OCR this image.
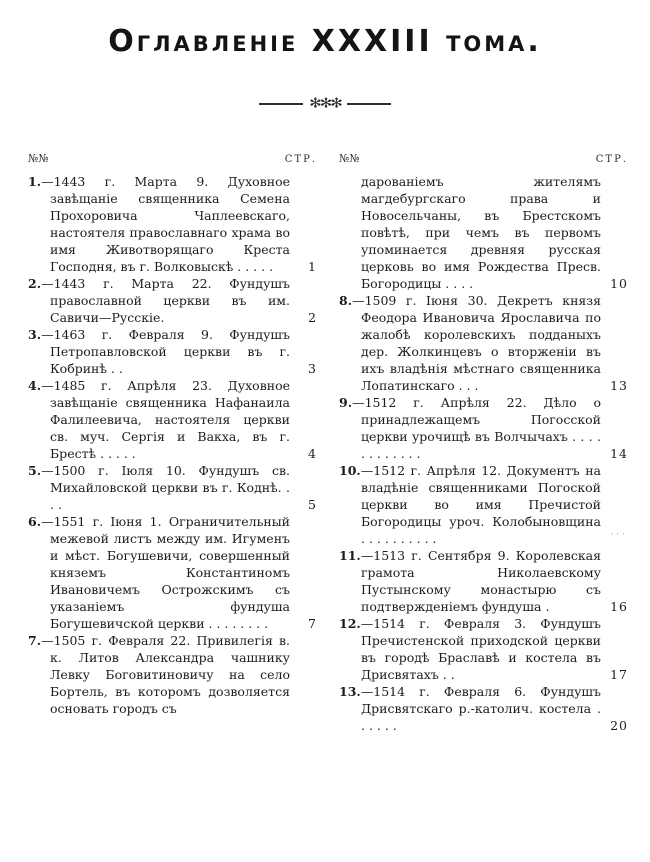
Оглавленіе XXXIII тома.
✻✻✻
№№	СТР.
1.—1443 г. Марта 9. Духовное завѣщаніе священника Семена Прохоровича Чаплеевскаго, настоятеля православнаго храма во имя Животворящаго Креста Господня, въ г. Волковыскѣ . . . . .	1
2.—1443 г. Марта 22. Фундушъ православной церкви въ им. Савичи—Русскіе.	2
3.—1463 г. Февраля 9. Фундушъ Петропавловской церкви въ г. Кобринѣ . .	3
4.—1485 г. Апрѣля 23. Духовное завѣщаніе священника Нафанаила Фалилеевича, настоятеля церкви св. муч. Сергія и Вакха, въ г. Брестѣ . . . . .	4
5.—1500 г. Іюля 10. Фундушъ св. Михайловской церкви въ г. Коднѣ. . . .	5
6.—1551 г. Іюня 1. Ограничительный межевой листъ между им. Игуменъ и мѣст. Богушевичи, совершенный княземъ Константиномъ Ивановичемъ Острожскимъ съ указаніемъ фундуша Богушевичской церкви . . . . . . . .	7
7.—1505 г. Февраля 22. Привилегія в. к. Литов Александра чашнику Левку Боговитиновичу на село Бортель, въ которомъ дозволяется основать городъ съ
№№	СТР.
дарованіемъ жителямъ магдебургскаго права и Новосельчаны, въ Брестскомъ повѣтѣ, при чемъ въ первомъ упоминается древняя русская церковь во имя Рождества Пресв. Богородицы . . . .	10
8.—1509 г. Іюня 30. Декретъ князя Феодора Ивановича Ярославича по жалобѣ королевскихъ подданыхъ дер. Жолкинцевъ о вторженіи въ ихъ владѣнія мѣстнаго священника Лопатинскаго . . .	13
9.—1512 г. Апрѣля 22. Дѣло о принадлежащемъ Погосской церкви урочищѣ въ Волчычахъ . . . . . . . . . . . .	14
10.—1512 г. Апрѣля 12. Документъ на владѣніе священниками Погоской церкви во имя Пречистой Богородицы уроч. Колобыновщина . . . . . . . . . .	···
11.—1513 г. Сентября 9. Королевская грамота Николаевскому Пустынскому монастырю съ подтвержденіемъ фундуша .	16
12.—1514 г. Февраля 3. Фундушъ Пречистенской приходской церкви въ городѣ Браславѣ и костела въ Дрисвятахъ . .	17
13.—1514 г. Февраля 6. Фундушъ Дрисвятскаго р.-католич. костела . . . . . .	20
